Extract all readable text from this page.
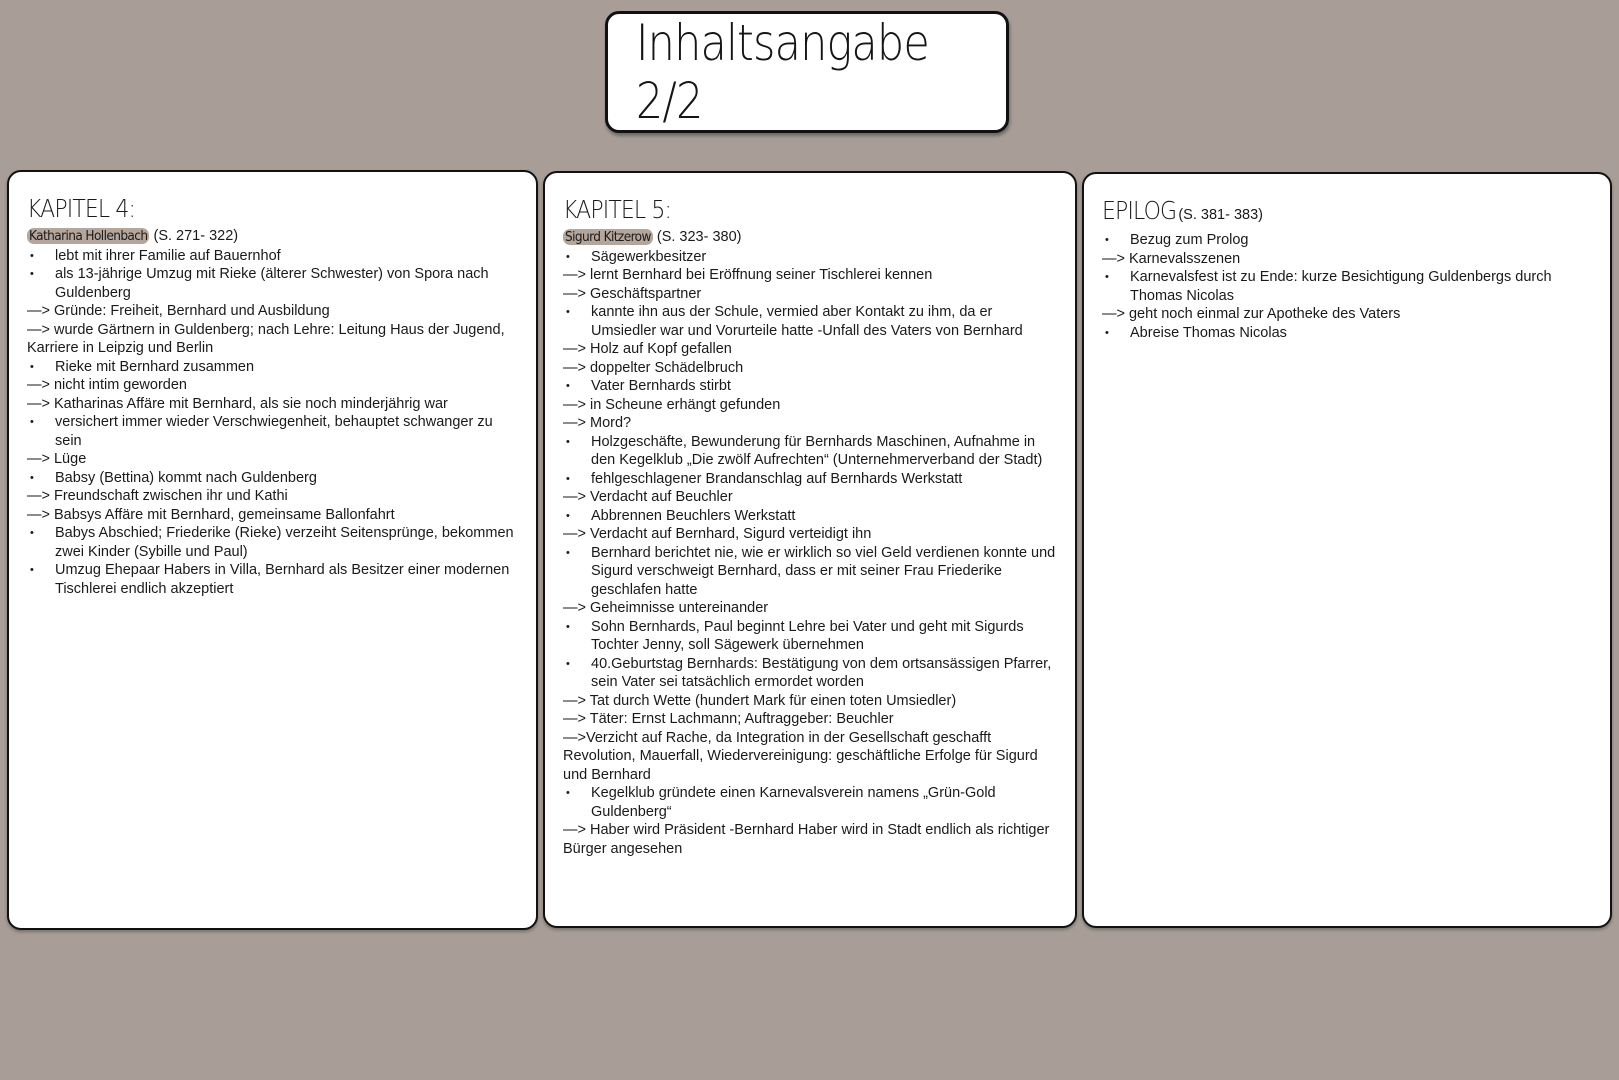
Inhaltsangabe 2/2
KAPITEL 4:
Katharina Hollenbach (S. 271- 322)
• lebt mit ihrer Familie auf Bauernhof
• als 13-jährige Umzug mit Rieke (älterer Schwester) von Spora nach Guldenberg
—> Gründe: Freiheit, Bernhard und Ausbildung
—> wurde Gärtnern in Guldenberg; nach Lehre: Leitung Haus der Jugend, Karriere in Leipzig und Berlin
• Rieke mit Bernhard zusammen
—> nicht intim geworden
—> Katharinas Affäre mit Bernhard, als sie noch minderjährig war
• versichert immer wieder Verschwiegenheit, behauptet schwanger zu sein
—> Lüge
• Babsy (Bettina) kommt nach Guldenberg
—> Freundschaft zwischen ihr und Kathi
—> Babsys Affäre mit Bernhard, gemeinsame Ballonfahrt
• Babys Abschied; Friederike (Rieke) verzeiht Seitensprünge, bekommen zwei Kinder (Sybille und Paul)
• Umzug Ehepaar Habers in Villa, Bernhard als Besitzer einer modernen Tischlerei endlich akzeptiert
KAPITEL 5:
Sigurd Kitzerow (S. 323- 380)
• Sägewerkbesitzer
—> lernt Bernhard bei Eröffnung seiner Tischlerei kennen
—> Geschäftspartner
• kannte ihn aus der Schule, vermied aber Kontakt zu ihm, da er Umsiedler war und Vorurteile hatte -Unfall des Vaters von Bernhard
—> Holz auf Kopf gefallen
—> doppelter Schädelbruch
• Vater Bernhards stirbt
—> in Scheune erhängt gefunden
—> Mord?
• Holzgeschäfte, Bewunderung für Bernhards Maschinen, Aufnahme in den Kegelklub „Die zwölf Aufrechten“ (Unternehmerverband der Stadt)
• fehlgeschlagener Brandanschlag auf Bernhards Werkstatt
—> Verdacht auf Beuchler
• Abbrennen Beuchlers Werkstatt
—> Verdacht auf Bernhard, Sigurd verteidigt ihn
• Bernhard berichtet nie, wie er wirklich so viel Geld verdienen konnte und Sigurd verschweigt Bernhard, dass er mit seiner Frau Friederike geschlafen hatte
—> Geheimnisse untereinander
• Sohn Bernhards, Paul beginnt Lehre bei Vater und geht mit Sigurds Tochter Jenny, soll Sägewerk übernehmen
• 40.Geburtstag Bernhards: Bestätigung von dem ortsansässigen Pfarrer, sein Vater sei tatsächlich ermordet worden
—> Tat durch Wette (hundert Mark für einen toten Umsiedler)
—> Täter: Ernst Lachmann; Auftraggeber: Beuchler
—>Verzicht auf Rache, da Integration in der Gesellschaft geschafft Revolution, Mauerfall, Wiedervereinigung: geschäftliche Erfolge für Sigurd und Bernhard
• Kegelklub gründete einen Karnevalsverein namens „Grün-Gold Guldenberg“
—> Haber wird Präsident -Bernhard Haber wird in Stadt endlich als richtiger Bürger angesehen
EPILOG (S. 381- 383)
• Bezug zum Prolog
—> Karnevalsszenen
• Karnevalsfest ist zu Ende: kurze Besichtigung Guldenbergs durch Thomas Nicolas
—> geht noch einmal zur Apotheke des Vaters
• Abreise Thomas Nicolas
